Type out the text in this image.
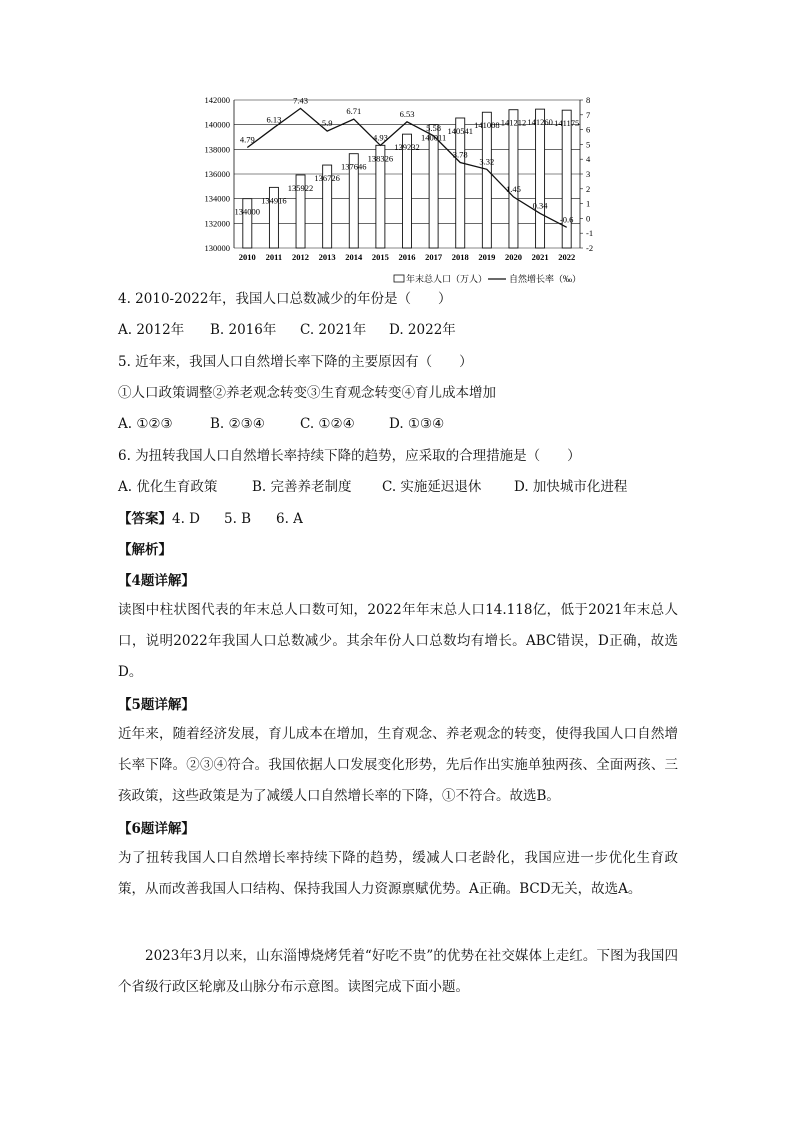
134000
134916
135922
136726
137646
138326
139232
140011
140541
141008 141212 141260 141175
4.79
6.13
7.43
5.9
6.71
4.93
6.53
5.58
3.78
3.32
1.45
0.34
-0.6
130000
132000
134000
136000
138000
140000
142000
-2
-1
0
1
2
3
4
5
6
7
8
2010 2011 2012 2013 2014 2015 2016 2017 2018 2019 2020 2021 2022
年末总人口（万人） 自然增长率（‰）
4. 2010-2022年，我国人口总数减少的年份是（　　）
A. 2012年 B. 2016年 C. 2021年 D. 2022年
5. 近年来，我国人口自然增长率下降的主要原因有（　　）
①人口政策调整②养老观念转变③生育观念转变④育儿成本增加
A. ①②③	B. ②③④	C. ①②④	D. ①③④
6. 为扭转我国人口自然增长率持续下降的趋势，应采取的合理措施是（　　）
A. 优化生育政策	B. 完善养老制度 C. 实施延迟退休 D. 加快城市化进程
【答案】4. D 5. B 6. A
【解析】
【4题详解】
读图中柱状图代表的年末总人口数可知，2022年年末总人口14.118亿，低于2021年末总人口，说明2022年我国人口总数减少。其余年份人口总数均有增长。ABC错误，D正确，故选D。
【5题详解】
近年来，随着经济发展，育儿成本在增加，生育观念、养老观念的转变，使得我国人口自然增长率下降。②③④符合。我国依据人口发展变化形势，先后作出实施单独两孩、全面两孩、三孩政策，这些政策是为了减缓人口自然增长率的下降，①不符合。故选B。
【6题详解】
为了扭转我国人口自然增长率持续下降的趋势，缓减人口老龄化，我国应进一步优化生育政策，从而改善我国人口结构、保持我国人力资源禀赋优势。A正确。BCD无关，故选A。
2023年3月以来，山东淄博烧烤凭着“好吃不贵”的优势在社交媒体上走红。下图为我国四个省级行政区轮廓及山脉分布示意图。读图完成下面小题。
